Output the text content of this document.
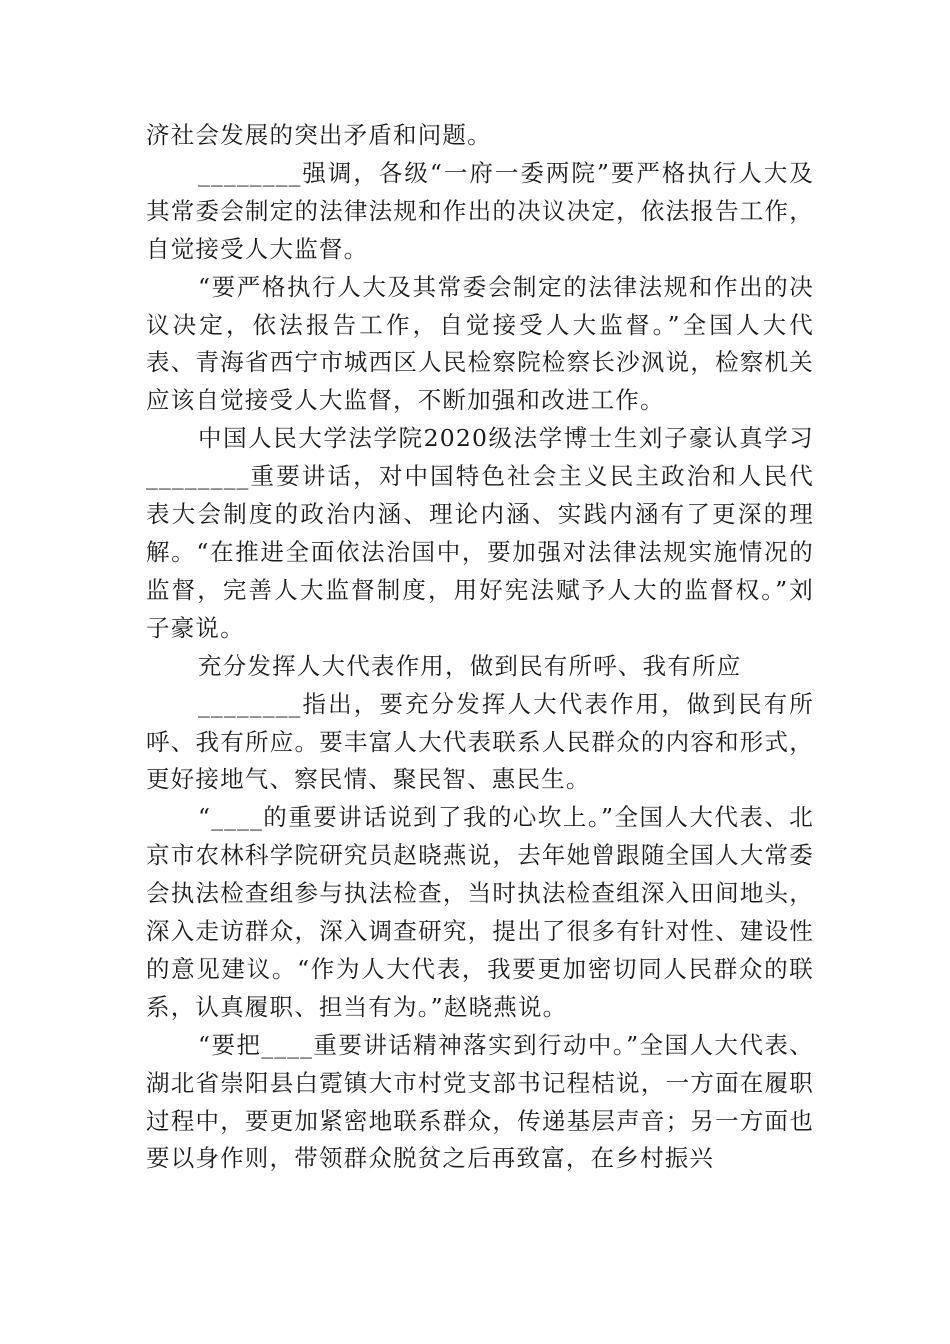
济社会发展的突出矛盾和问题。

________强调，各级“一府一委两院”要严格执行人大及其常委会制定的法律法规和作出的决议决定，依法报告工作，自觉接受人大监督。

“要严格执行人大及其常委会制定的法律法规和作出的决议决定，依法报告工作，自觉接受人大监督。”全国人大代表、青海省西宁市城西区人民检察院检察长沙沨说，检察机关应该自觉接受人大监督，不断加强和改进工作。

中国人民大学法学院2020级法学博士生刘子豪认真学习________重要讲话，对中国特色社会主义民主政治和人民代表大会制度的政治内涵、理论内涵、实践内涵有了更深的理解。“在推进全面依法治国中，要加强对法律法规实施情况的监督，完善人大监督制度，用好宪法赋予人大的监督权。”刘子豪说。

充分发挥人大代表作用，做到民有所呼、我有所应

________指出，要充分发挥人大代表作用，做到民有所呼、我有所应。要丰富人大代表联系人民群众的内容和形式，更好接地气、察民情、聚民智、惠民生。

“____的重要讲话说到了我的心坎上。”全国人大代表、北京市农林科学院研究员赵晓燕说，去年她曾跟随全国人大常委会执法检查组参与执法检查，当时执法检查组深入田间地头，深入走访群众，深入调查研究，提出了很多有针对性、建设性的意见建议。“作为人大代表，我要更加密切同人民群众的联系，认真履职、担当有为。”赵晓燕说。

“要把____重要讲话精神落实到行动中。”全国人大代表、湖北省崇阳县白霓镇大市村党支部书记程桔说，一方面在履职过程中，要更加紧密地联系群众，传递基层声音；另一方面也要以身作则，带领群众脱贫之后再致富，在乡村振兴
